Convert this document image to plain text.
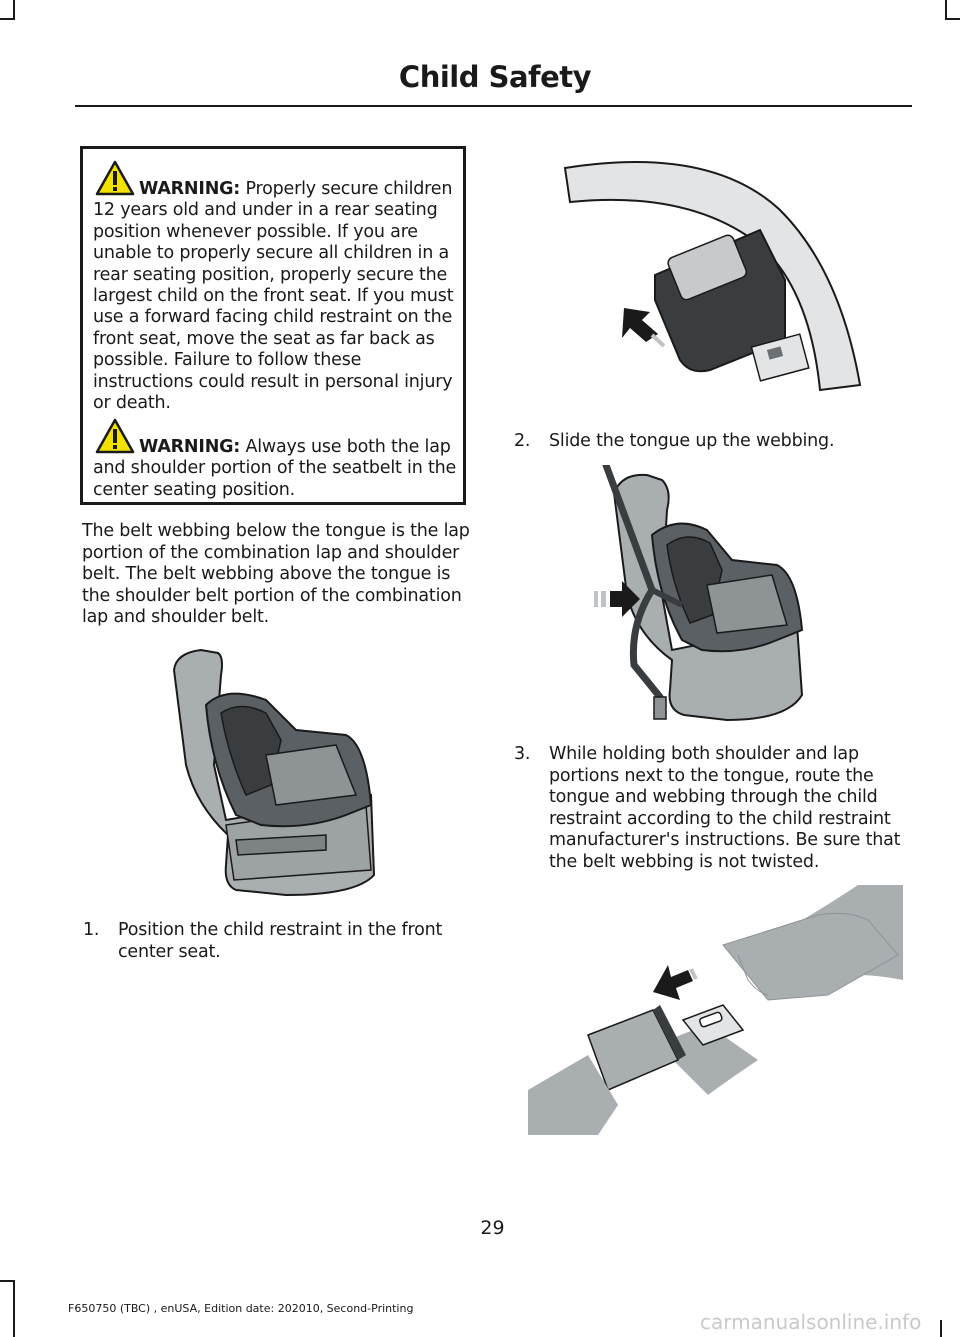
Child Safety
WARNING: Properly secure children 12 years old and under in a rear seating position whenever possible. If you are unable to properly secure all children in a rear seating position, properly secure the largest child on the front seat. If you must use a forward facing child restraint on the front seat, move the seat as far back as possible. Failure to follow these instructions could result in personal injury or death.
WARNING: Always use both the lap and shoulder portion of the seatbelt in the center seating position.
The belt webbing below the tongue is the lap portion of the combination lap and shoulder belt. The belt webbing above the tongue is the shoulder belt portion of the combination lap and shoulder belt.
1. Position the child restraint in the front center seat.
2. Slide the tongue up the webbing.
3. While holding both shoulder and lap portions next to the tongue, route the tongue and webbing through the child restraint according to the child restraint manufacturer's instructions. Be sure that the belt webbing is not twisted.
29
F650750 (TBC) , enUSA, Edition date: 202010, Second-Printing
carmanualsonline.info
